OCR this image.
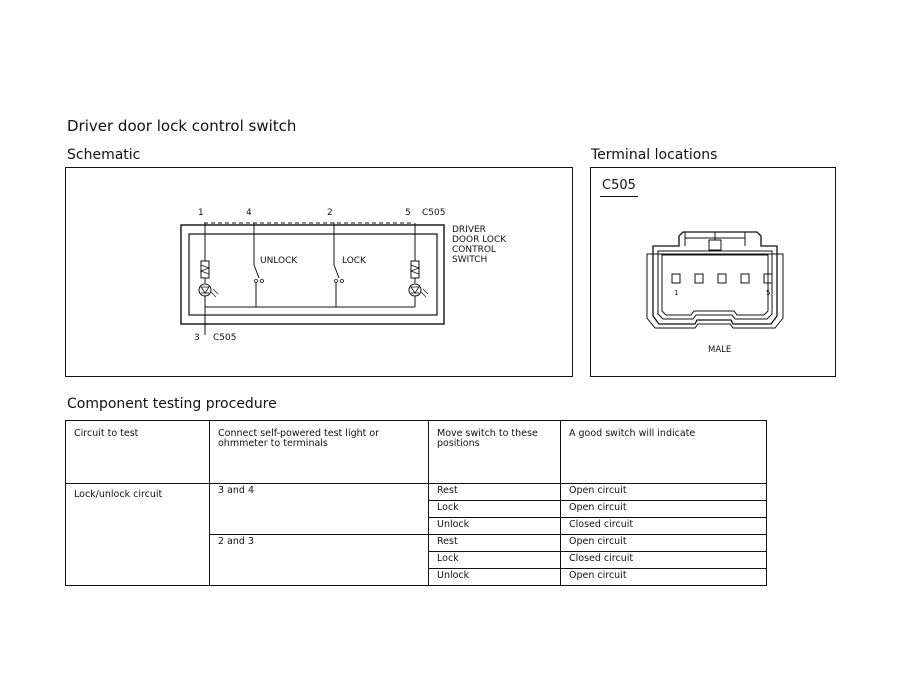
Driver door lock control switch
Schematic
1	4	2	5 C505
DRIVER
DOOR LOCK
CONTROL
SWITCH
UNLOCK	LOCK
3 C505
Terminal locations
C505
1	5
MALE
Component testing procedure
Circuit to test	Connect self-powered test light or ohmmeter to terminals	Move switch to these positions	A good switch will indicate
Lock/unlock circuit	3 and 4	Rest	Open circuit
		Lock	Open circuit
		Unlock	Closed circuit
	2 and 3	Rest	Open circuit
		Lock	Closed circuit
		Unlock	Open circuit
